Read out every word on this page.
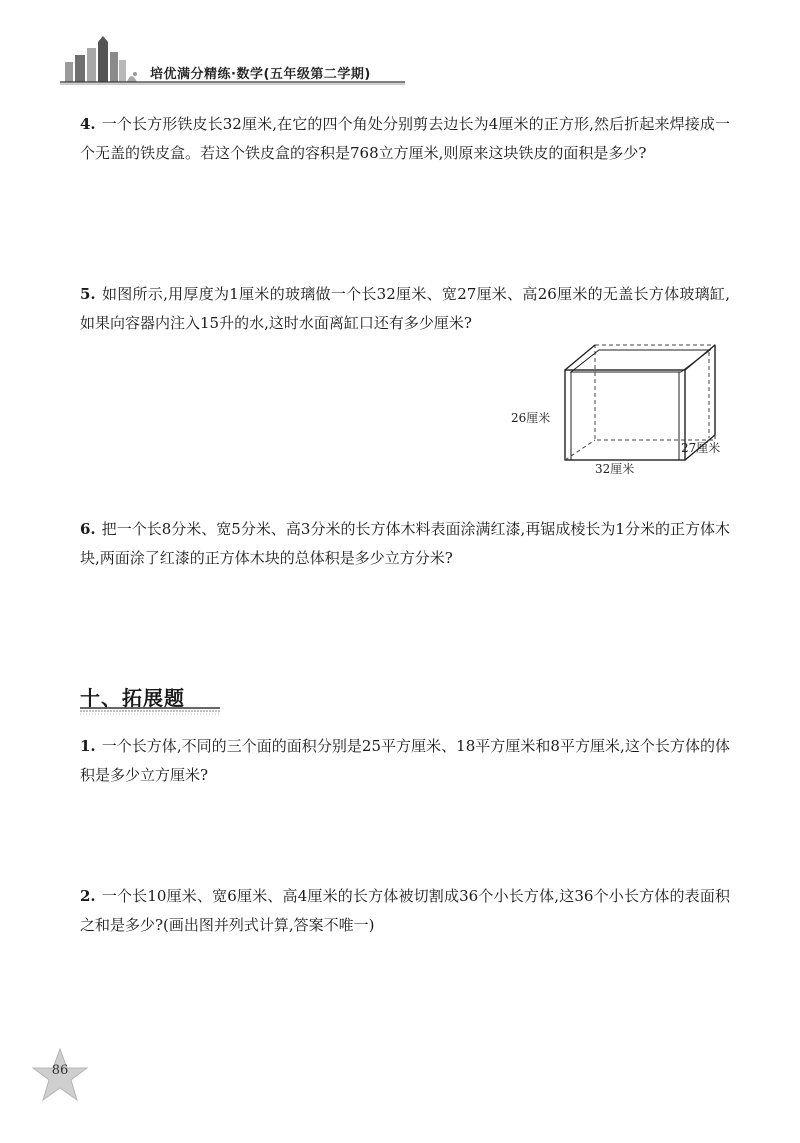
培优满分精练·数学(五年级第二学期)
4. 一个长方形铁皮长32厘米,在它的四个角处分别剪去边长为4厘米的正方形,然后折起来焊接成一个无盖的铁皮盒。若这个铁皮盒的容积是768立方厘米,则原来这块铁皮的面积是多少?
5. 如图所示,用厚度为1厘米的玻璃做一个长32厘米、宽27厘米、高26厘米的无盖长方体玻璃缸,如果向容器内注入15升的水,这时水面离缸口还有多少厘米?
26厘米
32厘米
27厘米
6. 把一个长8分米、宽5分米、高3分米的长方体木料表面涂满红漆,再锯成棱长为1分米的正方体木块,两面涂了红漆的正方体木块的总体积是多少立方分米?
十、拓展题
1. 一个长方体,不同的三个面的面积分别是25平方厘米、18平方厘米和8平方厘米,这个长方体的体积是多少立方厘米?
2. 一个长10厘米、宽6厘米、高4厘米的长方体被切割成36个小长方体,这36个小长方体的表面积之和是多少?(画出图并列式计算,答案不唯一)
86
